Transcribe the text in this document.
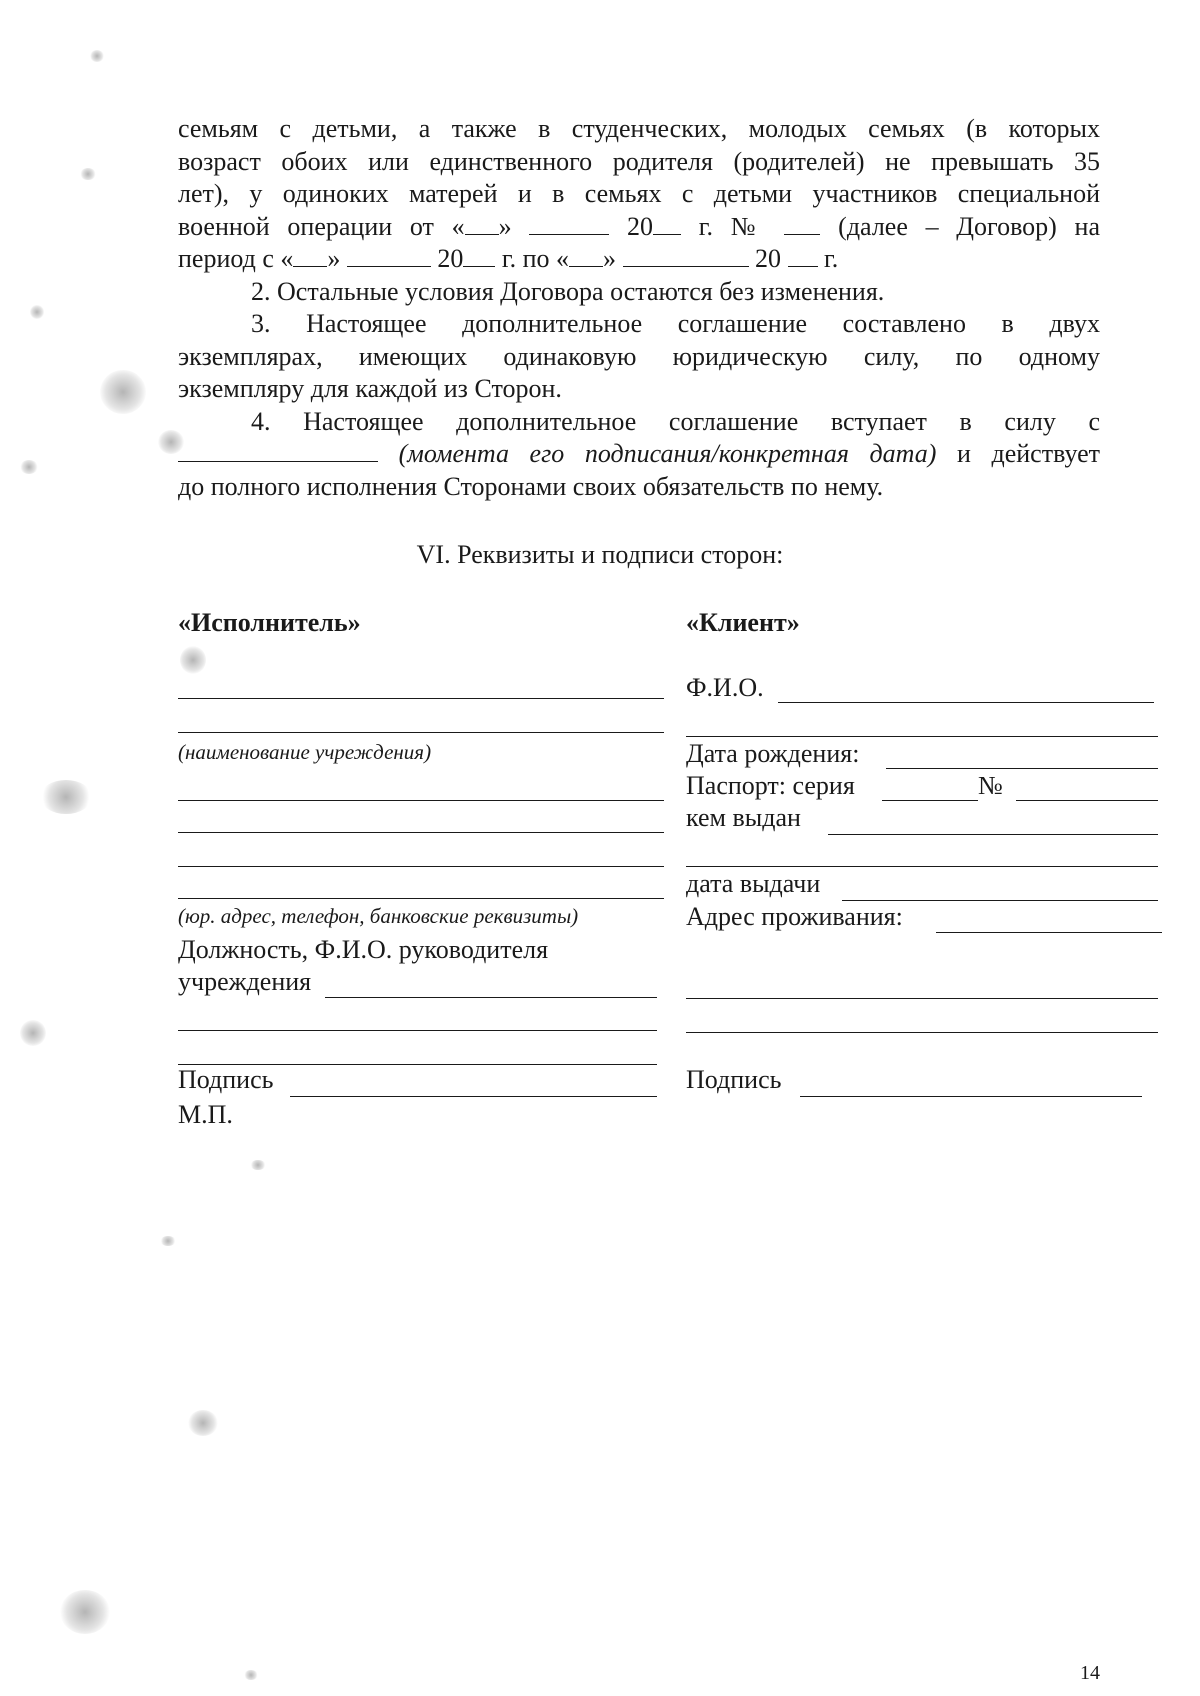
семьям с детьми, а также в студенческих, молодых семьях (в которых
возраст обоих или единственного родителя (родителей) не превышать 35
лет), у одиноких матерей и в семьях с детьми участников специальной
военной операции от « »	20 г. №	(далее – Договор) на
период с « »	20 г. по « »	20 г.
2. Остальные условия Договора остаются без изменения.
3. Настоящее дополнительное соглашение составлено в двух
экземплярах, имеющих одинаковую юридическую силу, по одному
экземпляру для каждой из Сторон.
4. Настоящее дополнительное соглашение вступает в силу с
(момента его подписания/конкретная дата) и действует
до полного исполнения Сторонами своих обязательств по нему.
VI. Реквизиты и подписи сторон:
«Исполнитель»
(наименование учреждения)
(юр. адрес, телефон, банковские реквизиты)
Должность, Ф.И.О. руководителя
учреждения
Подпись
М.П.
«Клиент»
Ф.И.О.
Дата рождения:
Паспорт: серия	№
кем выдан
дата выдачи
Адрес проживания:
Подпись
14
